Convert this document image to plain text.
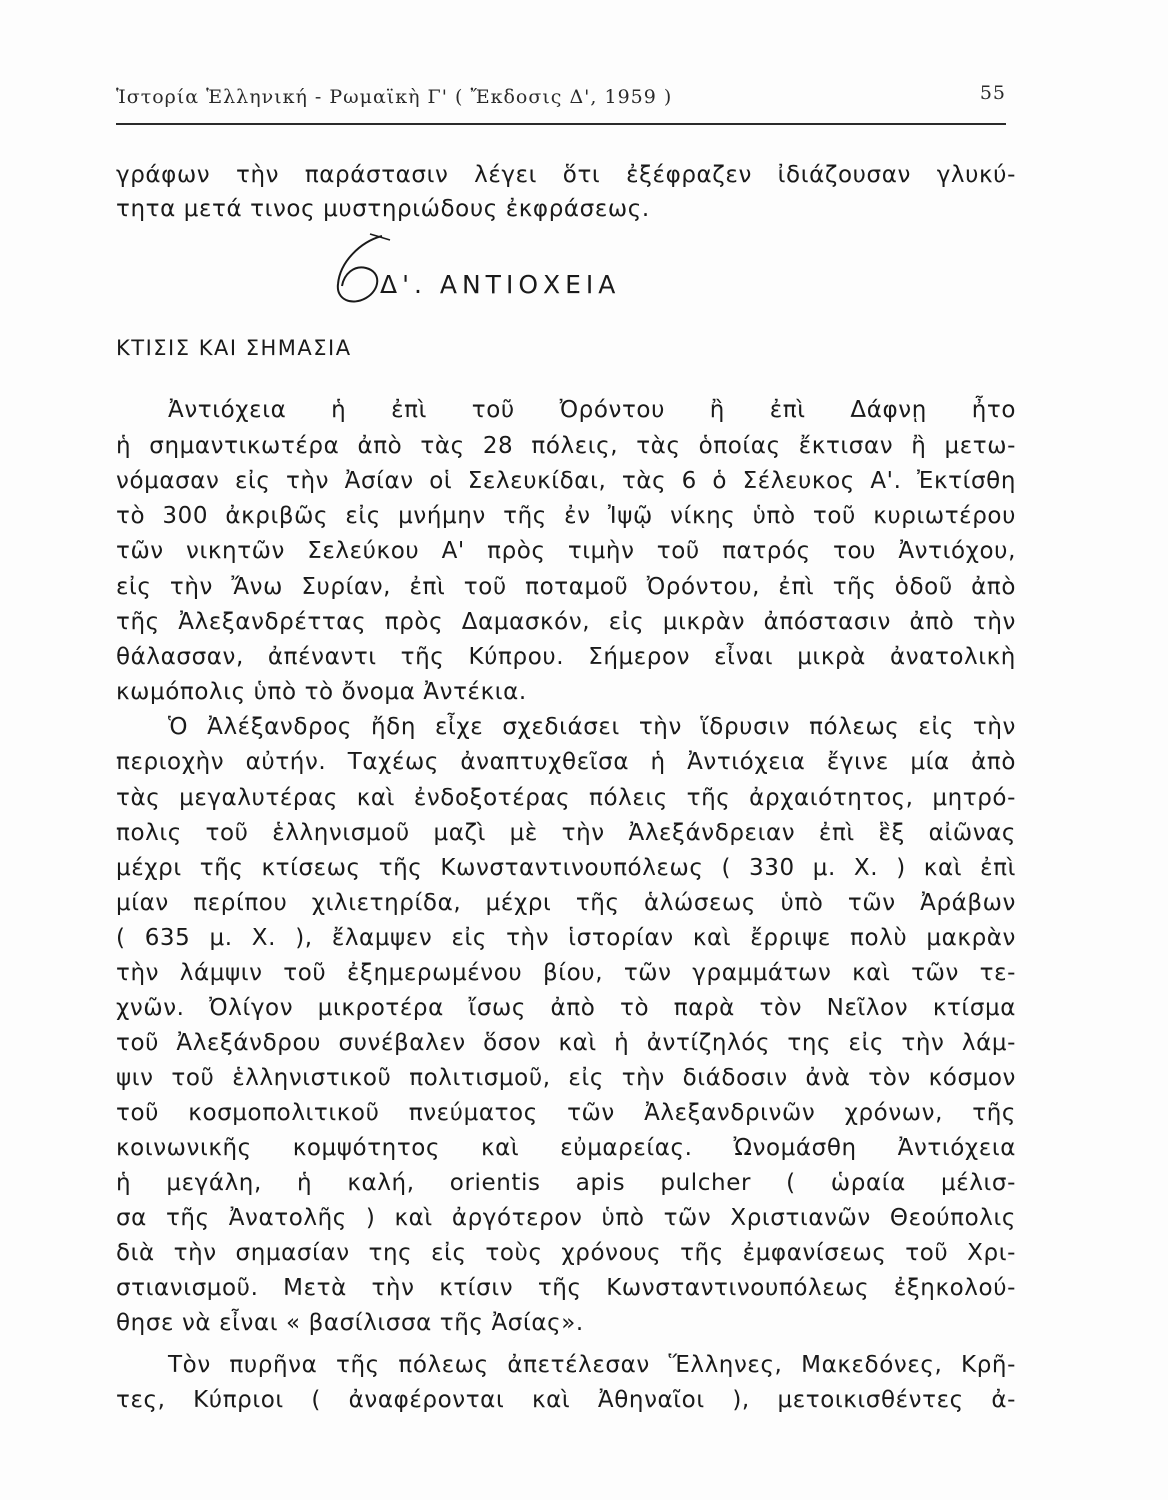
Ἱστορία Ἑλληνική - Ρωμαϊκὴ Γ' ( Ἔκδοσις Δ', 1959 )	55
γράφων τὴν παράστασιν λέγει ὅτι ἐξέφραζεν ἰδιάζουσαν γλυκύ-
τητα μετά τινος μυστηριώδους ἐκφράσεως.
Δ'. ΑΝΤΙΟΧΕΙΑ
ΚΤΙΣΙΣ ΚΑΙ ΣΗΜΑΣΙΑ
Ἀντιόχεια ἡ ἐπὶ τοῦ Ὀρόντου ἢ ἐπὶ Δάφνῃ ἦτο
ἡ σημαντικωτέρα ἀπὸ τὰς 28 πόλεις, τὰς ὁποίας ἔκτισαν ἢ μετω-
νόμασαν εἰς τὴν Ἀσίαν οἱ Σελευκίδαι, τὰς 6 ὁ Σέλευκος Α'. Ἐκτίσθη
τὸ 300 ἀκριβῶς εἰς μνήμην τῆς ἐν Ἰψῷ νίκης ὑπὸ τοῦ κυριωτέρου
τῶν νικητῶν Σελεύκου Α' πρὸς τιμὴν τοῦ πατρός του Ἀντιόχου,
εἰς τὴν Ἄνω Συρίαν, ἐπὶ τοῦ ποταμοῦ Ὀρόντου, ἐπὶ τῆς ὁδοῦ ἀπὸ
τῆς Ἀλεξανδρέττας πρὸς Δαμασκόν, εἰς μικρὰν ἀπόστασιν ἀπὸ τὴν
θάλασσαν, ἀπέναντι τῆς Κύπρου. Σήμερον εἶναι μικρὰ ἀνατολικὴ
κωμόπολις ὑπὸ τὸ ὄνομα Ἀντέκια.
Ὁ Ἀλέξανδρος ἤδη εἶχε σχεδιάσει τὴν ἵδρυσιν πόλεως εἰς τὴν
περιοχὴν αὐτήν. Ταχέως ἀναπτυχθεῖσα ἡ Ἀντιόχεια ἔγινε μία ἀπὸ
τὰς μεγαλυτέρας καὶ ἐνδοξοτέρας πόλεις τῆς ἀρχαιότητος, μητρό-
πολις τοῦ ἑλληνισμοῦ μαζὶ μὲ τὴν Ἀλεξάνδρειαν ἐπὶ ἓξ αἰῶνας
μέχρι τῆς κτίσεως τῆς Κωνσταντινουπόλεως ( 330 μ. Χ. ) καὶ ἐπὶ
μίαν περίπου χιλιετηρίδα, μέχρι τῆς ἁλώσεως ὑπὸ τῶν Ἀράβων
( 635 μ. Χ. ), ἔλαμψεν εἰς τὴν ἱστορίαν καὶ ἔρριψε πολὺ μακρὰν
τὴν λάμψιν τοῦ ἐξημερωμένου βίου, τῶν γραμμάτων καὶ τῶν τε-
χνῶν. Ὀλίγον μικροτέρα ἴσως ἀπὸ τὸ παρὰ τὸν Νεῖλον κτίσμα
τοῦ Ἀλεξάνδρου συνέβαλεν ὅσον καὶ ἡ ἀντίζηλός της εἰς τὴν λάμ-
ψιν τοῦ ἑλληνιστικοῦ πολιτισμοῦ, εἰς τὴν διάδοσιν ἀνὰ τὸν κόσμον
τοῦ κοσμοπολιτικοῦ πνεύματος τῶν Ἀλεξανδρινῶν χρόνων, τῆς
κοινωνικῆς κομψότητος καὶ εὐμαρείας. Ὠνομάσθη Ἀντιόχεια
ἡ μεγάλη, ἡ καλή, orientis apis pulcher ( ὡραία μέλισ-
σα τῆς Ἀνατολῆς ) καὶ ἀργότερον ὑπὸ τῶν Χριστιανῶν Θεούπολις
διὰ τὴν σημασίαν της εἰς τοὺς χρόνους τῆς ἐμφανίσεως τοῦ Χρι-
στιανισμοῦ. Μετὰ τὴν κτίσιν τῆς Κωνσταντινουπόλεως ἐξηκολού-
θησε νὰ εἶναι « βασίλισσα τῆς Ἀσίας».
Τὸν πυρῆνα τῆς πόλεως ἀπετέλεσαν Ἕλληνες, Μακεδόνες, Κρῆ-
τες, Κύπριοι ( ἀναφέρονται καὶ Ἀθηναῖοι ), μετοικισθέντες ἀ-
